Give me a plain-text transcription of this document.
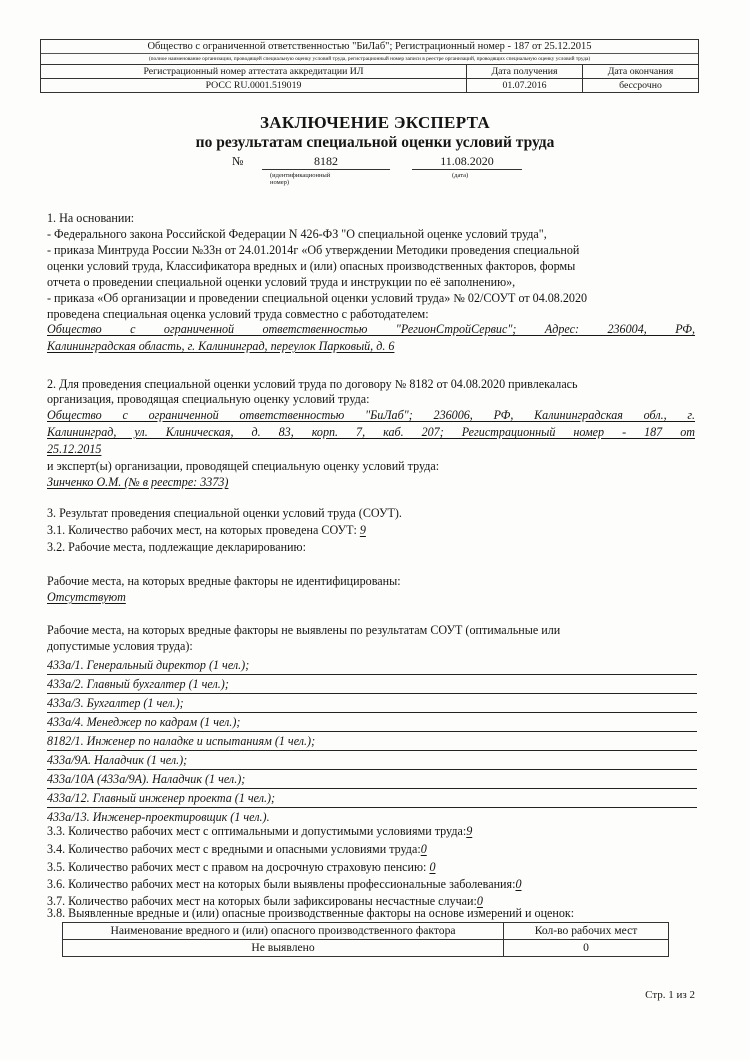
Общество с ограниченной ответственностью "БиЛаб"; Регистрационный номер - 187 от 25.12.2015
(полное наименование организации, проводящей специальную оценку условий труда, регистрационный номер записи в реестре организаций, проводящих специальную оценку условий труда)
Регистрационный номер аттестата аккредитации ИЛ	Дата получения	Дата окончания
РОСС RU.0001.519019	01.07.2016	бессрочно
ЗАКЛЮЧЕНИЕ ЭКСПЕРТА
по результатам специальной оценки условий труда
№	8182
(идентификационный номер)
11.08.2020
(дата)
1. На основании:
- Федерального закона Российской Федерации N 426-ФЗ "О специальной оценке условий труда",
- приказа Минтруда России №33н от 24.01.2014г «Об утверждении Методики проведения специальной
оценки условий труда, Классификатора вредных и (или) опасных производственных факторов, формы
отчета о проведении специальной оценки условий труда и инструкции по её заполнению»,
- приказа «Об организации и проведении специальной оценки условий труда» № 02/СОУТ от 04.08.2020
проведена специальная оценка условий труда совместно с работодателем:
Общество с ограниченной ответственностью "РегионСтройСервис"; Адрес: 236004, РФ,
Калининградская область, г. Калининград, переулок Парковый, д. 6
2. Для проведения специальной оценки условий труда по договору № 8182 от 04.08.2020 привлекалась
организация, проводящая специальную оценку условий труда:
Общество с ограниченной ответственностью "БиЛаб"; 236006, РФ, Калининградская обл., г.
Калининград, ул. Клиническая, д. 83, корп. 7, каб. 207; Регистрационный номер - 187 от
25.12.2015
и эксперт(ы) организации, проводящей специальную оценку условий труда:
Зинченко О.М. (№ в реестре: 3373)
3. Результат проведения специальной оценки условий труда (СОУТ).
3.1. Количество рабочих мест, на которых проведена СОУТ: 9
3.2. Рабочие места, подлежащие декларированию:
Рабочие места, на которых вредные факторы не идентифицированы:
Отсутствуют
Рабочие места, на которых вредные факторы не выявлены по результатам СОУТ (оптимальные или
допустимые условия труда):
433а/1. Генеральный директор (1 чел.);
433а/2. Главный бухгалтер (1 чел.);
433а/3. Бухгалтер (1 чел.);
433а/4. Менеджер по кадрам (1 чел.);
8182/1. Инженер по наладке и испытаниям (1 чел.);
433а/9А. Наладчик (1 чел.);
433а/10А (433а/9А). Наладчик (1 чел.);
433а/12. Главный инженер проекта (1 чел.);
433а/13. Инженер-проектировщик (1 чел.).
3.3. Количество рабочих мест с оптимальными и допустимыми условиями труда:9
3.4. Количество рабочих мест с вредными и опасными условиями труда:0
3.5. Количество рабочих мест с правом на досрочную страховую пенсию: 0
3.6. Количество рабочих мест на которых были выявлены профессиональные заболевания:0
3.7. Количество рабочих мест на которых были зафиксированы несчастные случаи:0
3.8. Выявленные вредные и (или) опасные производственные факторы на основе измерений и оценок:
Наименование вредного и (или) опасного производственного фактора	Кол-во рабочих мест
Не выявлено	0
Стр. 1 из 2
